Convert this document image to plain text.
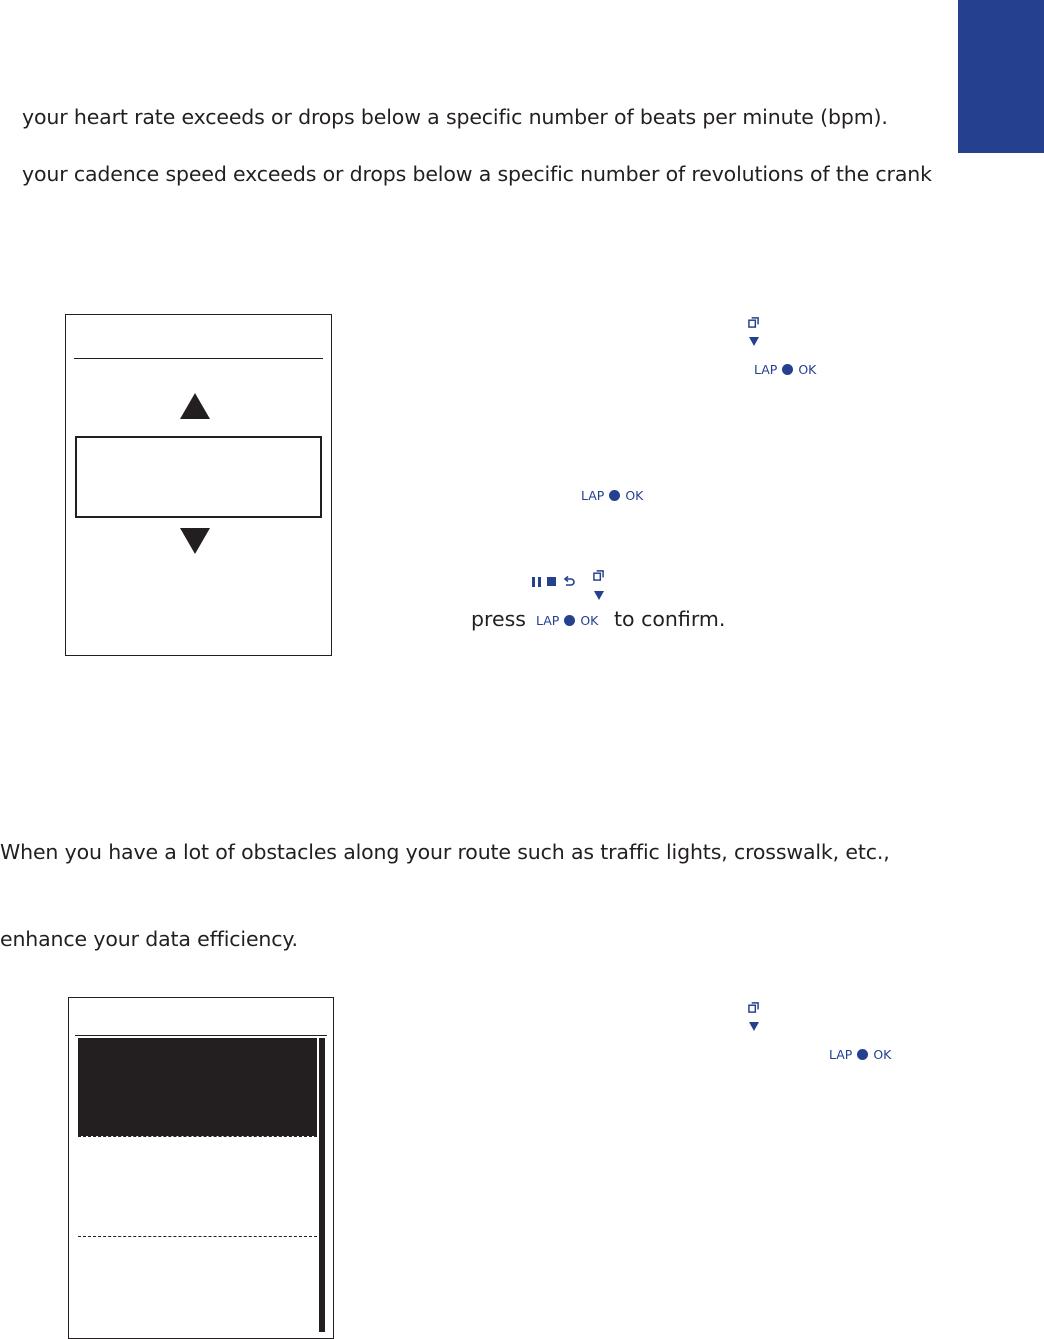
your heart rate exceeds or drops below a specific number of beats per minute (bpm).
your cadence speed exceeds or drops below a specific number of revolutions of the crank
LAP OK
LAP OK
press LAP OK to confirm.
When you have a lot of obstacles along your route such as traffic lights, crosswalk, etc.,
enhance your data efficiency.
LAP OK
